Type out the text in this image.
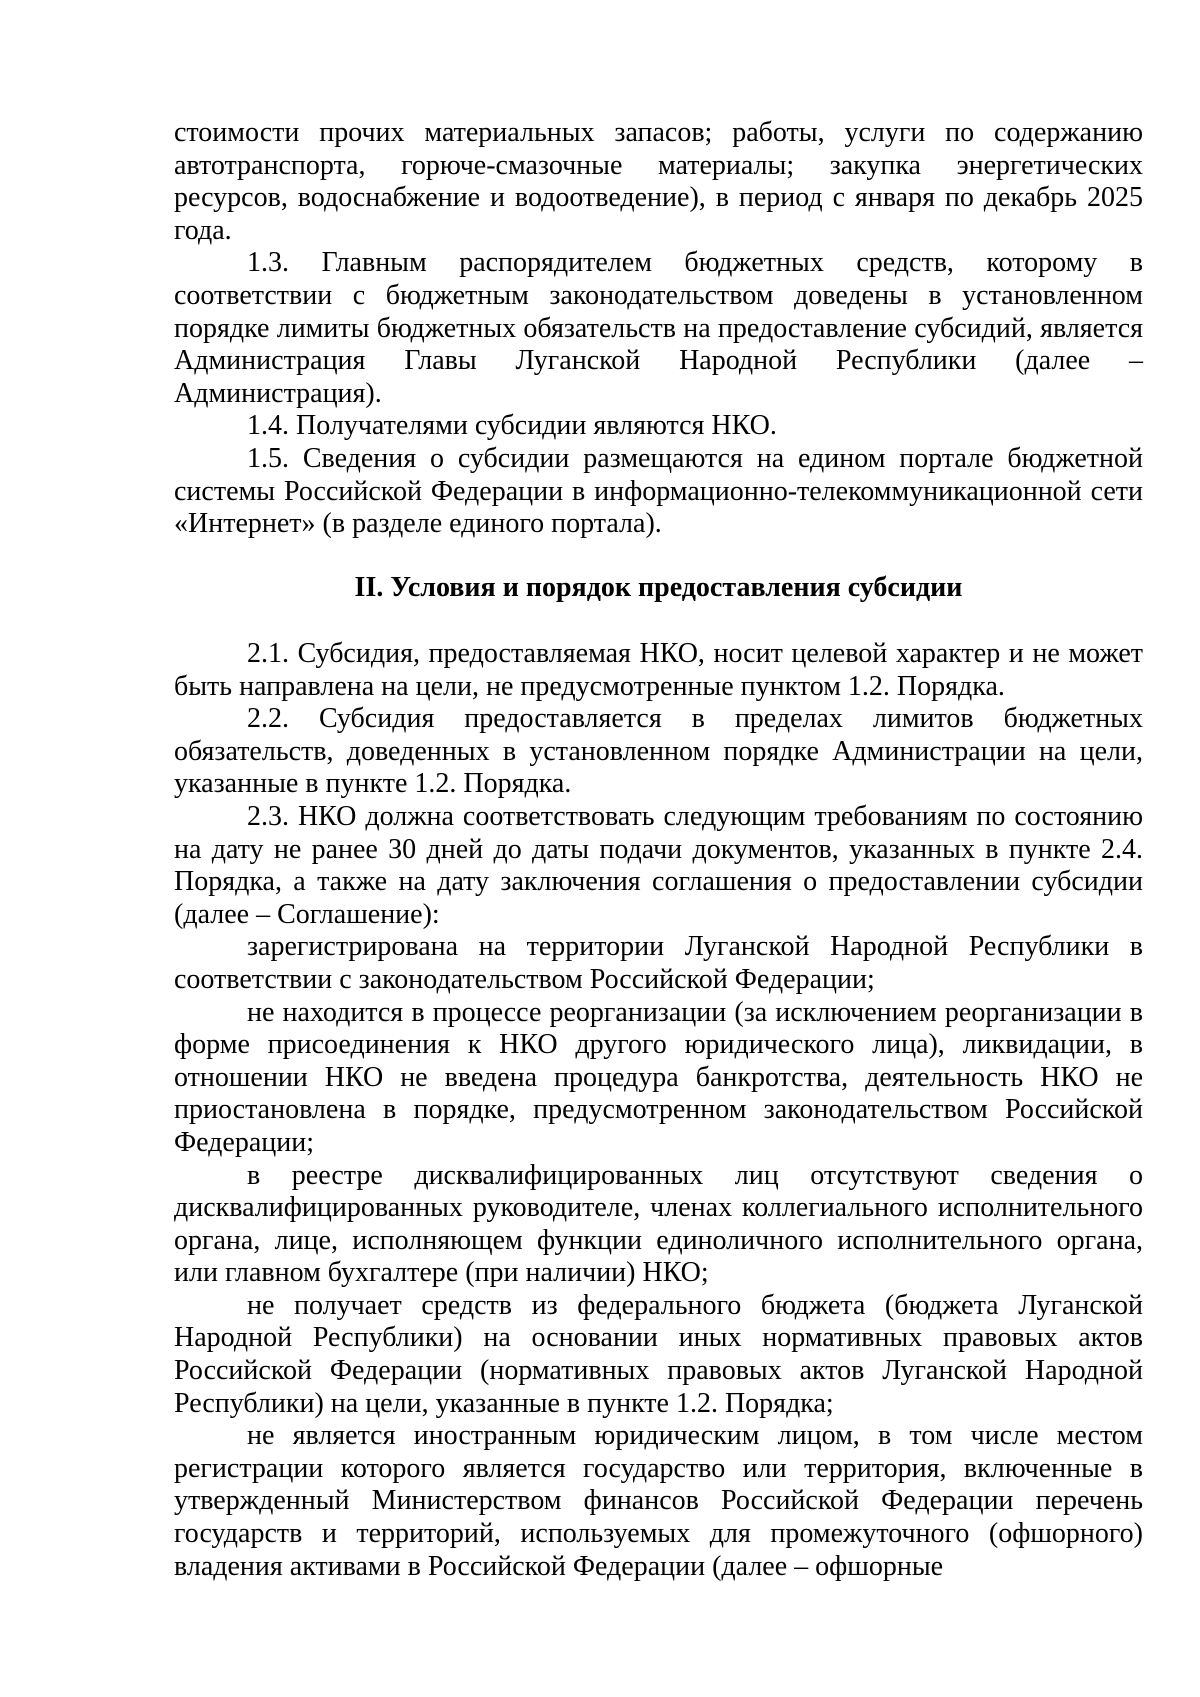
стоимости прочих материальных запасов; работы, услуги по содержанию автотранспорта, горюче-смазочные материалы; закупка энергетических ресурсов, водоснабжение и водоотведение), в период с января по декабрь 2025 года.

1.3. Главным распорядителем бюджетных средств, которому в соответствии с бюджетным законодательством доведены в установленном порядке лимиты бюджетных обязательств на предоставление субсидий, является Администрация Главы Луганской Народной Республики (далее – Администрация).

1.4. Получателями субсидии являются НКО.

1.5. Сведения о субсидии размещаются на едином портале бюджетной системы Российской Федерации в информационно-телекоммуникационной сети «Интернет» (в разделе единого портала).

II. Условия и порядок предоставления субсидии

2.1. Субсидия, предоставляемая НКО, носит целевой характер и не может быть направлена на цели, не предусмотренные пунктом 1.2. Порядка.

2.2. Субсидия предоставляется в пределах лимитов бюджетных обязательств, доведенных в установленном порядке Администрации на цели, указанные в пункте 1.2. Порядка.

2.3. НКО должна соответствовать следующим требованиям по состоянию на дату не ранее 30 дней до даты подачи документов, указанных в пункте 2.4. Порядка, а также на дату заключения соглашения о предоставлении субсидии (далее – Соглашение):

зарегистрирована на территории Луганской Народной Республики в соответствии с законодательством Российской Федерации;

не находится в процессе реорганизации (за исключением реорганизации в форме присоединения к НКО другого юридического лица), ликвидации, в отношении НКО не введена процедура банкротства, деятельность НКО не приостановлена в порядке, предусмотренном законодательством Российской Федерации;

в реестре дисквалифицированных лиц отсутствуют сведения о дисквалифицированных руководителе, членах коллегиального исполнительного органа, лице, исполняющем функции единоличного исполнительного органа, или главном бухгалтере (при наличии) НКО;

не получает средств из федерального бюджета (бюджета Луганской Народной Республики) на основании иных нормативных правовых актов Российской Федерации (нормативных правовых актов Луганской Народной Республики) на цели, указанные в пункте 1.2. Порядка;

не является иностранным юридическим лицом, в том числе местом регистрации которого является государство или территория, включенные в утвержденный Министерством финансов Российской Федерации перечень государств и территорий, используемых для промежуточного (офшорного) владения активами в Российской Федерации (далее – офшорные
